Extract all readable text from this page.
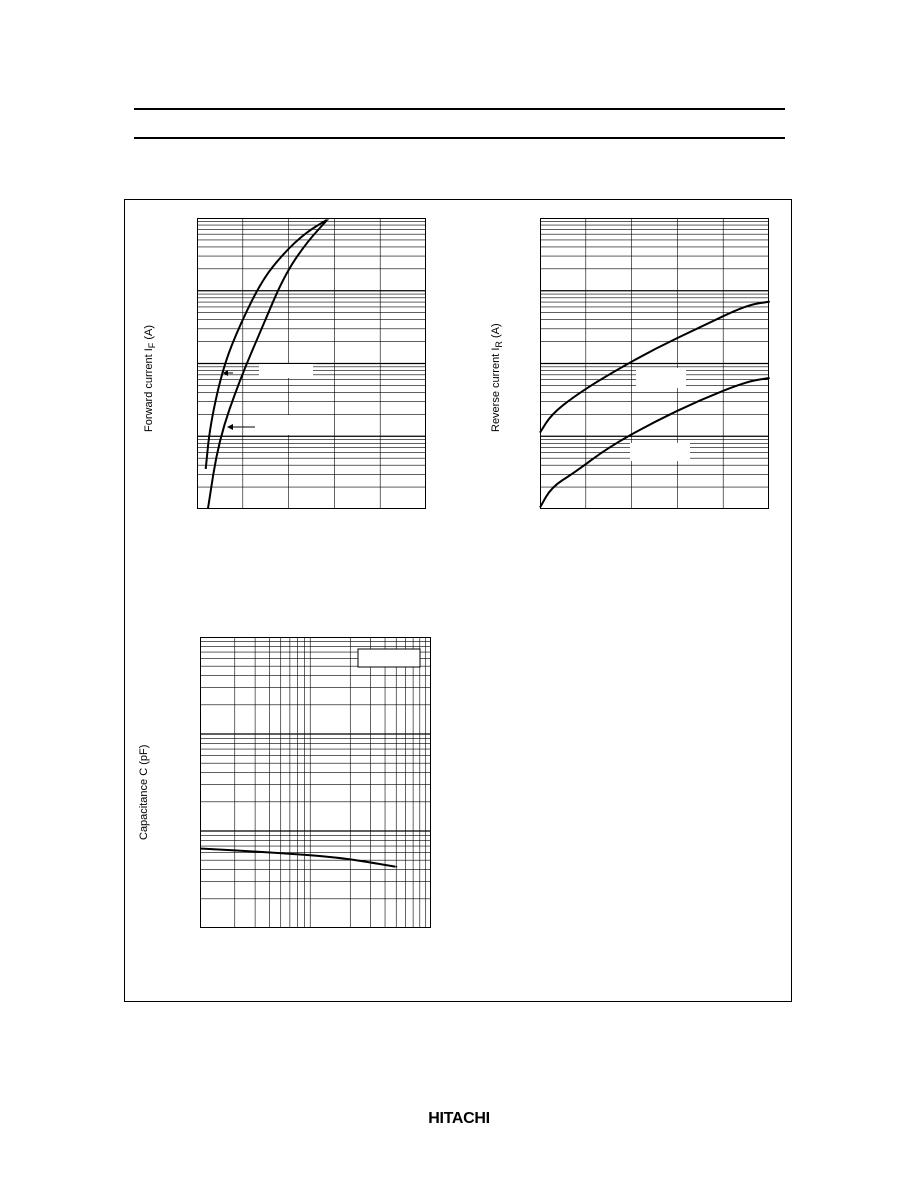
Forward current $I_F$ (A)
Reverse current $I_R$ (A)
Capacitance C (pF)
HITACHI
